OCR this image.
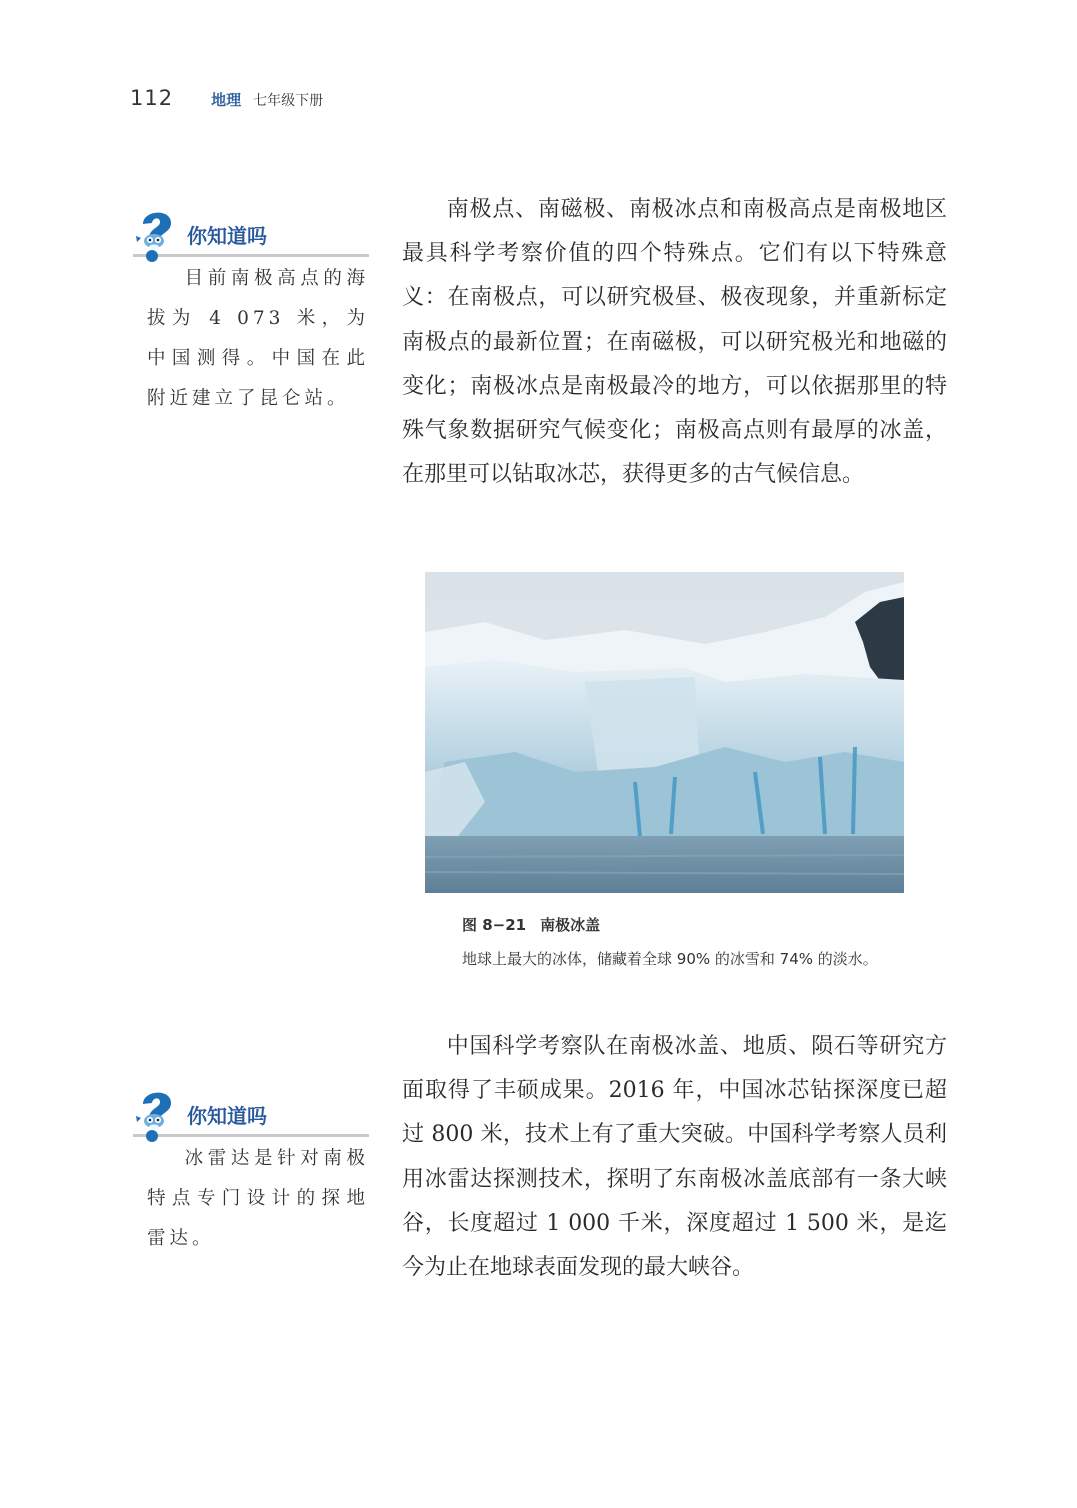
112	地理 七年级下册
你知道吗
目前南极高点的海拔为 4 073 米，为中国测得。中国在此附近建立了昆仑站。
你知道吗
冰雷达是针对南极特点专门设计的探地雷达。
南极点、南磁极、南极冰点和南极高点是南极地区最具科学考察价值的四个特殊点。它们有以下特殊意义：在南极点，可以研究极昼、极夜现象，并重新标定南极点的最新位置；在南磁极，可以研究极光和地磁的变化；南极冰点是南极最冷的地方，可以依据那里的特殊气象数据研究气候变化；南极高点则有最厚的冰盖，在那里可以钻取冰芯，获得更多的古气候信息。
图 8−21 南极冰盖
地球上最大的冰体，储藏着全球 90% 的冰雪和 74% 的淡水。
中国科学考察队在南极冰盖、地质、陨石等研究方面取得了丰硕成果。2016 年，中国冰芯钻探深度已超过 800 米，技术上有了重大突破。中国科学考察人员利用冰雷达探测技术，探明了东南极冰盖底部有一条大峡谷，长度超过 1 000 千米，深度超过 1 500 米，是迄今为止在地球表面发现的最大峡谷。
